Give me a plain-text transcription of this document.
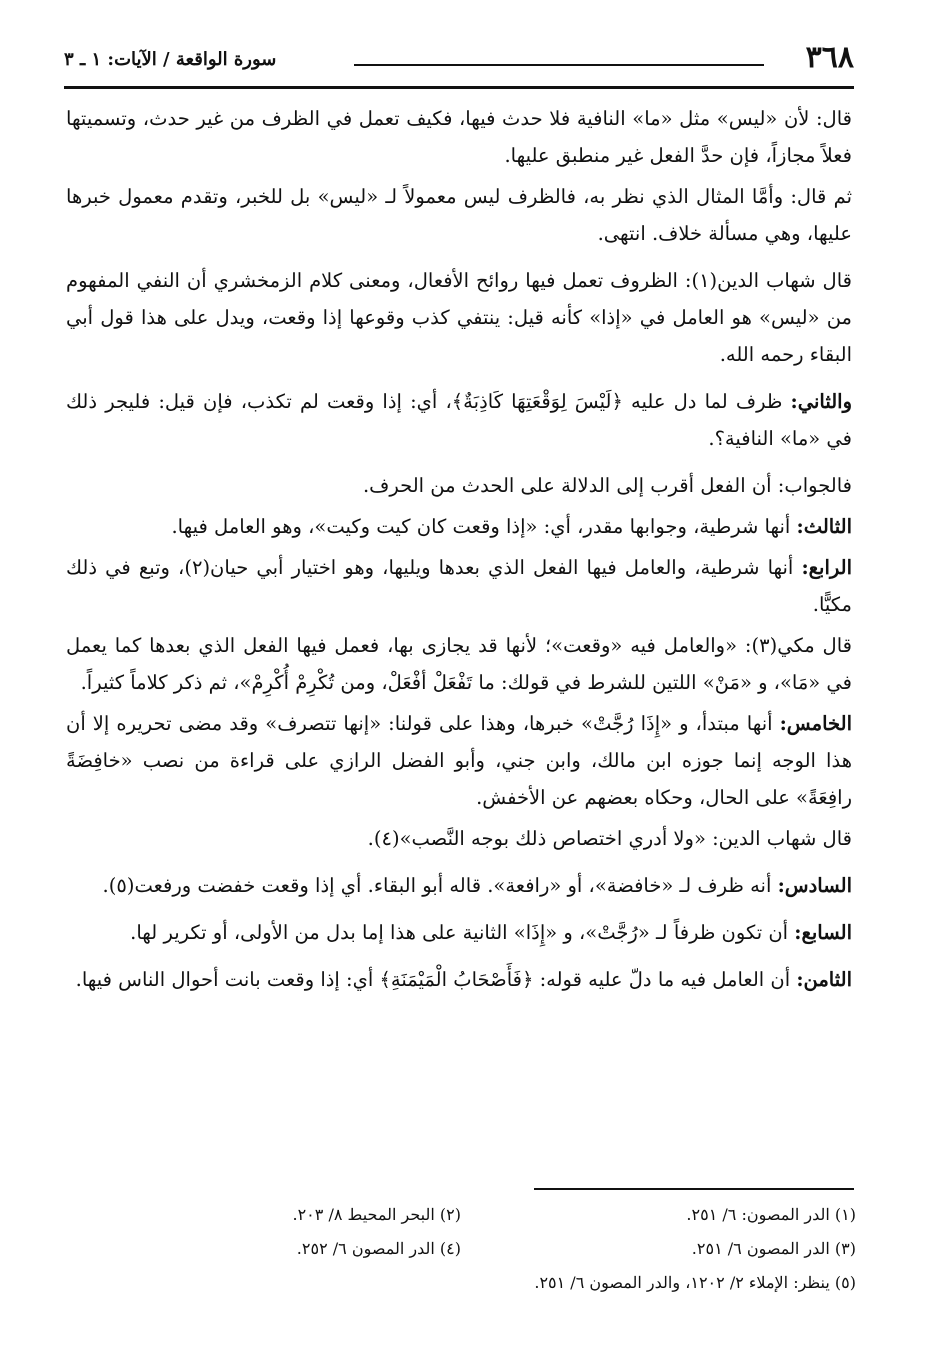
٣٦٨
سورة الواقعة / الآيات: ١ ـ ٣

قال: لأن «ليس» مثل «ما» النافية فلا حدث فيها، فكيف تعمل في الظرف من غير حدث، وتسميتها فعلاً مجازاً، فإن حدَّ الفعل غير منطبق عليها.

ثم قال: وأمَّا المثال الذي نظر به، فالظرف ليس معمولاً لـ «ليس» بل للخبر، وتقدم معمول خبرها عليها، وهي مسألة خلاف. انتهى.

قال شهاب الدين(١): الظروف تعمل فيها روائح الأفعال، ومعنى كلام الزمخشري أن النفي المفهوم من «ليس» هو العامل في «إذا» كأنه قيل: ينتفي كذب وقوعها إذا وقعت، ويدل على هذا قول أبي البقاء رحمه الله.

والثاني: ظرف لما دل عليه ﴿لَيْسَ لِوَقْعَتِهَا كَاذِبَةٌ﴾، أي: إذا وقعت لم تكذب، فإن قيل: فليجر ذلك في «ما» النافية؟.

فالجواب: أن الفعل أقرب إلى الدلالة على الحدث من الحرف.

الثالث: أنها شرطية، وجوابها مقدر، أي: «إذا وقعت كان كيت وكيت»، وهو العامل فيها.

الرابع: أنها شرطية، والعامل فيها الفعل الذي بعدها ويليها، وهو اختيار أبي حيان(٢)، وتبع في ذلك مكيًّا.

قال مكي(٣): «والعامل فيه «وقعت»؛ لأنها قد يجازى بها، فعمل فيها الفعل الذي بعدها كما يعمل في «مَا»، و «مَنْ» اللتين للشرط في قولك: ما تَفْعَلْ أفْعَلْ، ومن تُكْرِمْ أُكْرِمْ»، ثم ذكر كلاماً كثيراً.

الخامس: أنها مبتدأ، و «إِذَا رُجَّتْ» خبرها، وهذا على قولنا: «إنها تتصرف» وقد مضى تحريره إلا أن هذا الوجه إنما جوزه ابن مالك، وابن جني، وأبو الفضل الرازي على قراءة من نصب «خافِضَةً رافِعَةً» على الحال، وحكاه بعضهم عن الأخفش.

قال شهاب الدين: «ولا أدري اختصاص ذلك بوجه النَّصب»(٤).

السادس: أنه ظرف لـ «خافضة»، أو «رافعة». قاله أبو البقاء. أي إذا وقعت خفضت ورفعت(٥).

السابع: أن تكون ظرفاً لـ «رُجَّتْ»، و «إِذَا» الثانية على هذا إما بدل من الأولى، أو تكرير لها.

الثامن: أن العامل فيه ما دلّ عليه قوله: ﴿فَأَصْحَابُ الْمَيْمَنَةِ﴾ أي: إذا وقعت بانت أحوال الناس فيها.

(١) الدر المصون: ٦/ ٢٥١.
(٢) البحر المحيط ٨/ ٢٠٣.
(٣) الدر المصون ٦/ ٢٥١.
(٤) الدر المصون ٦/ ٢٥٢.
(٥) ينظر: الإملاء ٢/ ١٢٠٢، والدر المصون ٦/ ٢٥١.
